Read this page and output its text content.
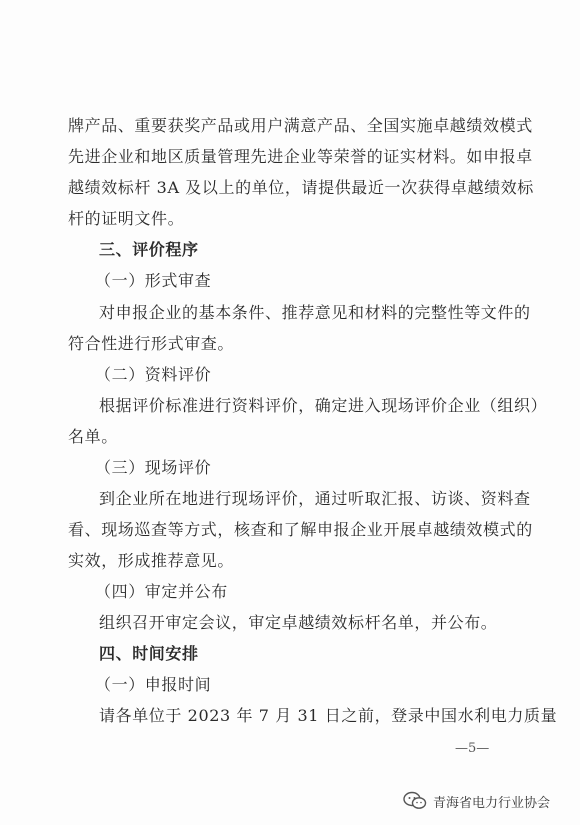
牌产品、重要获奖产品或用户满意产品、全国实施卓越绩效模式
先进企业和地区质量管理先进企业等荣誉的证实材料。如申报卓
越绩效标杆 3A 及以上的单位，请提供最近一次获得卓越绩效标
杆的证明文件。
三、评价程序
（一）形式审查
对申报企业的基本条件、推荐意见和材料的完整性等文件的
符合性进行形式审查。
（二）资料评价
根据评价标准进行资料评价，确定进入现场评价企业（组织）
名单。
（三）现场评价
到企业所在地进行现场评价，通过听取汇报、访谈、资料查
看、现场巡查等方式，核查和了解申报企业开展卓越绩效模式的
实效，形成推荐意见。
（四）审定并公布
组织召开审定会议，审定卓越绩效标杆名单，并公布。
四、时间安排
（一）申报时间
请各单位于 2023 年 7 月 31 日之前，登录中国水利电力质量
—5—
青海省电力行业协会
